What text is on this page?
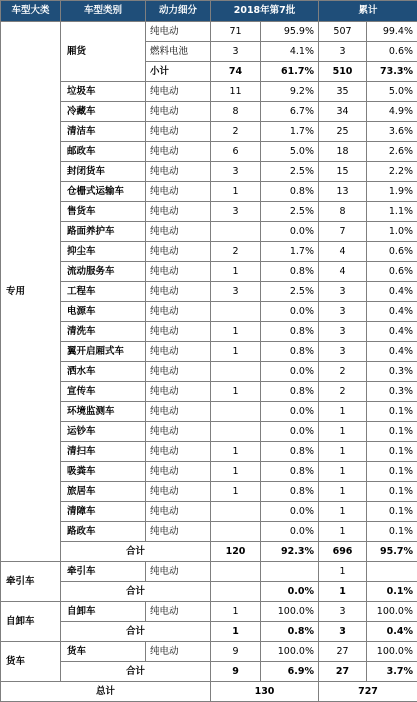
车型大类	车型类别	动力细分	2018年第7批		累计	
专用	厢货	纯电动	71	95.9%	507	99.4%
		燃料电池	3	4.1%	3	0.6%
		小计	74	61.7%	510	73.3%
	垃圾车	纯电动	11	9.2%	35	5.0%
	冷藏车	纯电动	8	6.7%	34	4.9%
	清洁车	纯电动	2	1.7%	25	3.6%
	邮政车	纯电动	6	5.0%	18	2.6%
	封闭货车	纯电动	3	2.5%	15	2.2%
	仓栅式运输车	纯电动	1	0.8%	13	1.9%
	售货车	纯电动	3	2.5%	8	1.1%
	路面养护车	纯电动		0.0%	7	1.0%
	抑尘车	纯电动	2	1.7%	4	0.6%
	流动服务车	纯电动	1	0.8%	4	0.6%
	工程车	纯电动	3	2.5%	3	0.4%
	电源车	纯电动		0.0%	3	0.4%
	清洗车	纯电动	1	0.8%	3	0.4%
	翼开启厢式车	纯电动	1	0.8%	3	0.4%
	洒水车	纯电动		0.0%	2	0.3%
	宣传车	纯电动	1	0.8%	2	0.3%
	环境监测车	纯电动		0.0%	1	0.1%
	运钞车	纯电动		0.0%	1	0.1%
	清扫车	纯电动	1	0.8%	1	0.1%
	吸粪车	纯电动	1	0.8%	1	0.1%
	旅居车	纯电动	1	0.8%	1	0.1%
	清障车	纯电动		0.0%	1	0.1%
	路政车	纯电动		0.0%	1	0.1%
	合计		120	92.3%	696	95.7%
牵引车	牵引车	纯电动			1	
	合计			0.0%	1	0.1%
自卸车	自卸车	纯电动	1	100.0%	3	100.0%
	合计		1	0.8%	3	0.4%
货车	货车	纯电动	9	100.0%	27	100.0%
	合计		9	6.9%	27	3.7%
总计			130		727	
